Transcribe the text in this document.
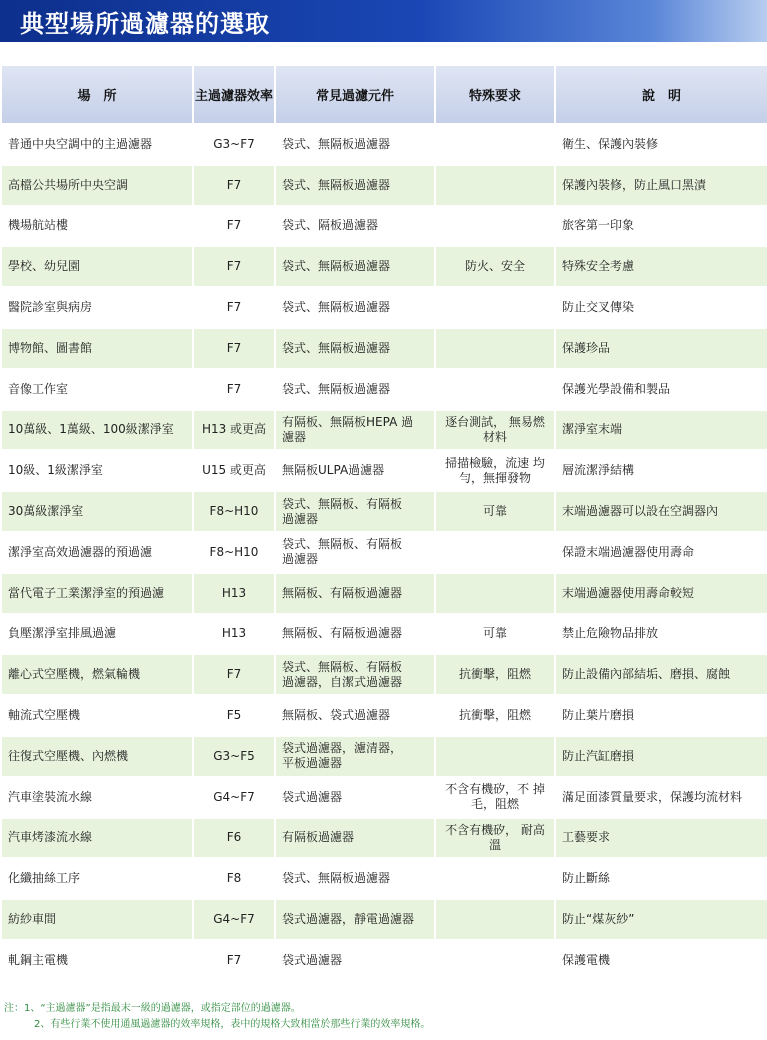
典型場所過濾器的選取
場　所	主過濾器效率	常見過濾元件	特殊要求	說　明
普通中央空調中的主過濾器	G3~F7	袋式、無隔板過濾器		衛生、保護內裝修
高檔公共場所中央空調	F7	袋式、無隔板過濾器		保護內裝修，防止風口黑漬
機場航站樓	F7	袋式、隔板過濾器		旅客第一印象
學校、幼兒園	F7	袋式、無隔板過濾器	防火、安全	特殊安全考慮
醫院診室與病房	F7	袋式、無隔板過濾器		防止交叉傳染
博物館、圖書館	F7	袋式、無隔板過濾器		保護珍品
音像工作室	F7	袋式、無隔板過濾器		保護光學設備和製品
10萬級、1萬級、100級潔淨室	H13 或更高	有隔板、無隔板HEPA 過濾器	逐台測試， 無易燃材料	潔淨室末端
10級、1級潔淨室	U15 或更高	無隔板ULPA過濾器	掃描檢驗，流速 均勻，無揮發物	層流潔淨結構
30萬級潔淨室	F8~H10	袋式、無隔板、有隔板 過濾器	可靠	末端過濾器可以設在空調器內
潔淨室高效過濾器的預過濾	F8~H10	袋式、無隔板、有隔板 過濾器		保證末端過濾器使用壽命
當代電子工業潔淨室的預過濾	H13	無隔板、有隔板過濾器		末端過濾器使用壽命較短
負壓潔淨室排風過濾	H13	無隔板、有隔板過濾器	可靠	禁止危險物品排放
離心式空壓機，燃氣輪機	F7	袋式、無隔板、有隔板 過濾器，自潔式過濾器	抗衝擊，阻燃	防止設備內部結垢、磨損、腐蝕
軸流式空壓機	F5	無隔板、袋式過濾器	抗衝擊，阻燃	防止葉片磨損
往復式空壓機、內燃機	G3~F5	袋式過濾器，濾清器， 平板過濾器		防止汽缸磨損
汽車塗裝流水線	G4~F7	袋式過濾器	不含有機矽，不 掉毛，阻燃	滿足面漆質量要求，保護均流材料
汽車烤漆流水線	F6	有隔板過濾器	不含有機矽， 耐高溫	工藝要求
化纖抽絲工序	F8	袋式、無隔板過濾器		防止斷絲
紡紗車間	G4~F7	袋式過濾器，靜電過濾器		防止“煤灰紗”
軋鋼主電機	F7	袋式過濾器		保護電機
注：1、“主過濾器”是指最末一級的過濾器，或指定部位的過濾器。
2、有些行業不使用通風過濾器的效率規格，表中的規格大致相當於那些行業的效率規格。
